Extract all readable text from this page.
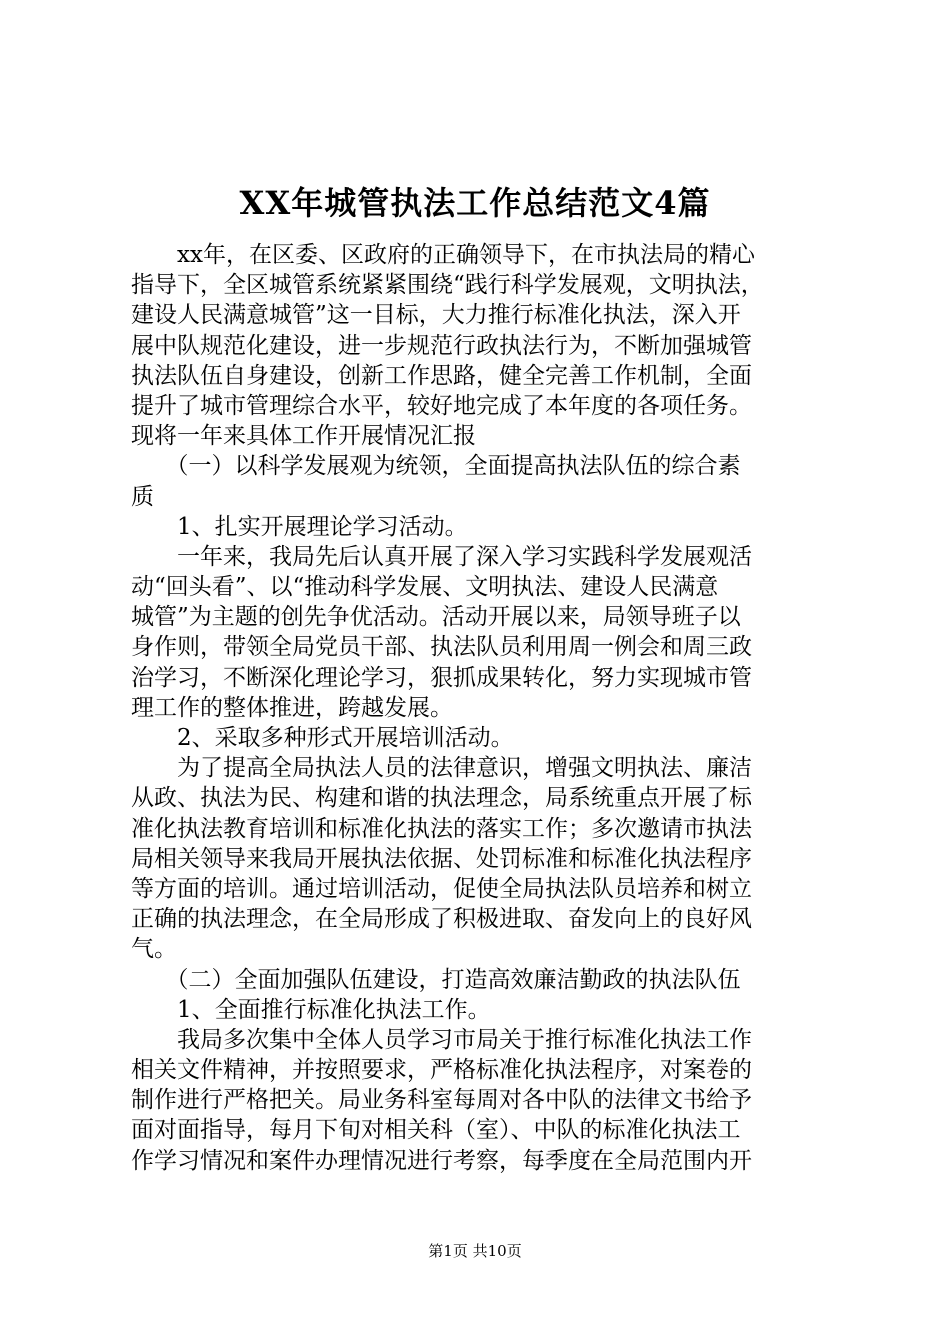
XX年城管执法工作总结范文4篇
　　xx年，在区委、区政府的正确领导下，在市执法局的精心
指导下，全区城管系统紧紧围绕“践行科学发展观，文明执法，
建设人民满意城管”这一目标，大力推行标准化执法，深入开
展中队规范化建设，进一步规范行政执法行为，不断加强城管
执法队伍自身建设，创新工作思路，健全完善工作机制，全面
提升了城市管理综合水平，较好地完成了本年度的各项任务。
现将一年来具体工作开展情况汇报
　　（一）以科学发展观为统领，全面提高执法队伍的综合素
质
　　1、扎实开展理论学习活动。
　　一年来，我局先后认真开展了深入学习实践科学发展观活
动“回头看”、以“推动科学发展、文明执法、建设人民满意
城管”为主题的创先争优活动。活动开展以来，局领导班子以
身作则，带领全局党员干部、执法队员利用周一例会和周三政
治学习，不断深化理论学习，狠抓成果转化，努力实现城市管
理工作的整体推进，跨越发展。
　　2、采取多种形式开展培训活动。
　　为了提高全局执法人员的法律意识，增强文明执法、廉洁
从政、执法为民、构建和谐的执法理念，局系统重点开展了标
准化执法教育培训和标准化执法的落实工作；多次邀请市执法
局相关领导来我局开展执法依据、处罚标准和标准化执法程序
等方面的培训。通过培训活动，促使全局执法队员培养和树立
正确的执法理念，在全局形成了积极进取、奋发向上的良好风
气。
　　（二）全面加强队伍建设，打造高效廉洁勤政的执法队伍
　　1、全面推行标准化执法工作。
　　我局多次集中全体人员学习市局关于推行标准化执法工作
相关文件精神，并按照要求，严格标准化执法程序，对案卷的
制作进行严格把关。局业务科室每周对各中队的法律文书给予
面对面指导，每月下旬对相关科（室）、中队的标准化执法工
作学习情况和案件办理情况进行考察，每季度在全局范围内开
第1页 共10页
